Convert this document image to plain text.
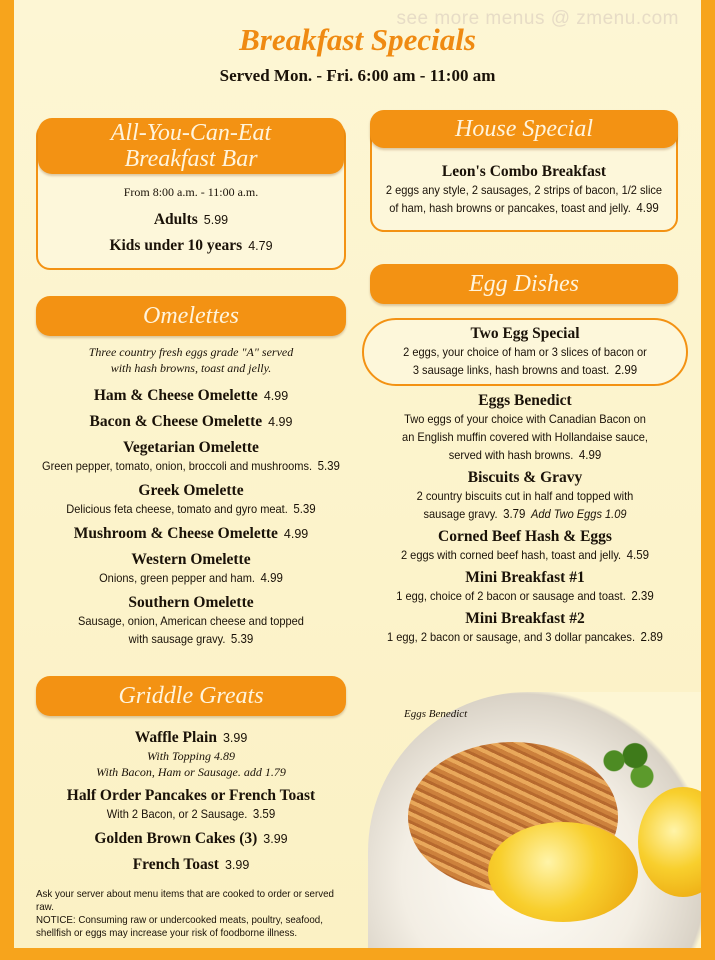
see more menus @ zmenu.com
Breakfast Specials
Served Mon. - Fri. 6:00 am - 11:00 am
All-You-Can-Eat
Breakfast Bar
From 8:00 a.m. - 11:00 a.m.
Adults 5.99
Kids under 10 years 4.79
House Special
Leon's Combo Breakfast
2 eggs any style, 2 sausages, 2 strips of bacon, 1/2 slice
of ham, hash browns or pancakes, toast and jelly. 4.99
Omelettes
Three country fresh eggs grade "A" served
with hash browns, toast and jelly.
Ham & Cheese Omelette 4.99
Bacon & Cheese Omelette 4.99
Vegetarian Omelette
Green pepper, tomato, onion, broccoli and mushrooms. 5.39
Greek Omelette
Delicious feta cheese, tomato and gyro meat. 5.39
Mushroom & Cheese Omelette 4.99
Western Omelette
Onions, green pepper and ham. 4.99
Southern Omelette
Sausage, onion, American cheese and topped
with sausage gravy. 5.39
Griddle Greats
Waffle Plain 3.99
With Topping 4.89
With Bacon, Ham or Sausage. add 1.79
Half Order Pancakes or French Toast
With 2 Bacon, or 2 Sausage. 3.59
Golden Brown Cakes (3) 3.99
French Toast 3.99
Egg Dishes
Two Egg Special
2 eggs, your choice of ham or 3 slices of bacon or
3 sausage links, hash browns and toast. 2.99
Eggs Benedict
Two eggs of your choice with Canadian Bacon on
an English muffin covered with Hollandaise sauce,
served with hash browns. 4.99
Biscuits & Gravy
2 country biscuits cut in half and topped with
sausage gravy. 3.79 Add Two Eggs 1.09
Corned Beef Hash & Eggs
2 eggs with corned beef hash, toast and jelly. 4.59
Mini Breakfast #1
1 egg, choice of 2 bacon or sausage and toast. 2.39
Mini Breakfast #2
1 egg, 2 bacon or sausage, and 3 dollar pancakes. 2.89
Eggs Benedict
Ask your server about menu items that are cooked to order or served raw.
NOTICE: Consuming raw or undercooked meats, poultry, seafood,
shellfish or eggs may increase your risk of foodborne illness.
